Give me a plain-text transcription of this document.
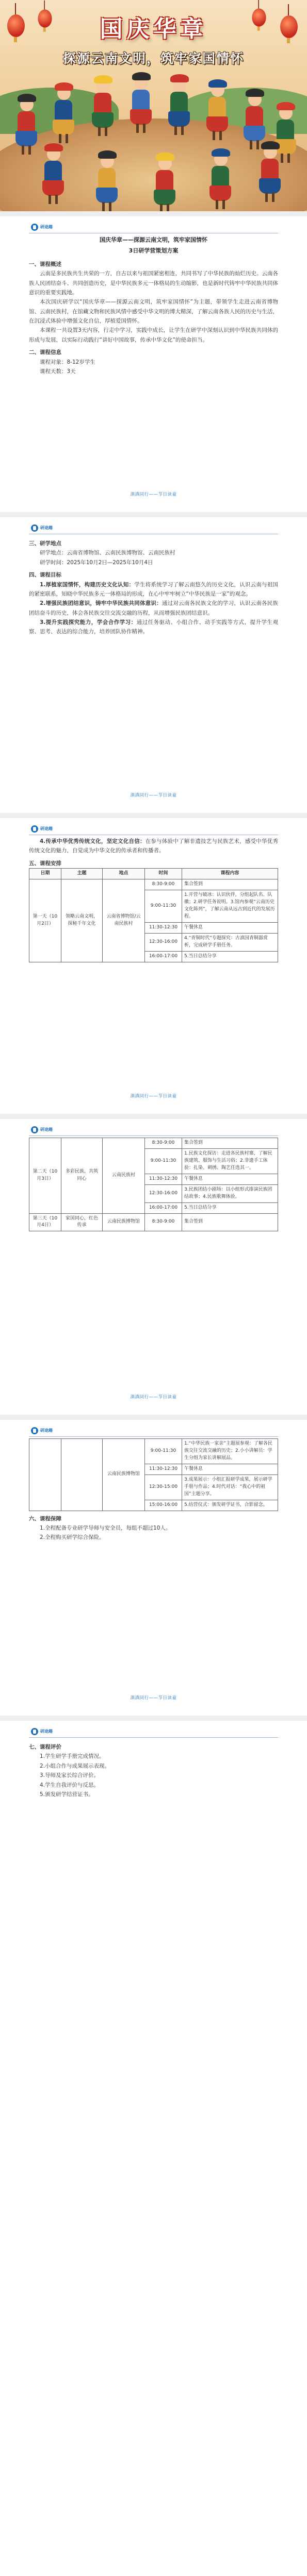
国庆华章
探源云南文明，筑牢家国情怀
研途趣
国庆华章——探源云南文明，筑牢家国情怀
3日研学营策划方案
一、课程概述

云南是多民族共生共荣的一方，自古以来与祖国紧密相连，共同书写了中华民族的灿烂历史。云南各族人民团结奋斗、共同创造历史，是中华民族多元一体格局的生动缩影，也是新时代铸牢中华民族共同体意识的重要实践地。

本次国庆研学以“国庆华章——探源云南文明，筑牢家国情怀”为主题，带领学生走进云南省博物馆、云南民族村，在馆藏文物和民族风情中感受中华文明的博大精深，了解云南各族人民的历史与生活，在沉浸式体验中增强文化自信，厚植爱国情怀。

本课程一共设置3天内容，行走中学习，实践中成长，让学生在研学中深刻认识到中华民族共同体的形成与发展，以实际行动践行“讲好中国故事，传承中华文化”的使命担当。

二、课程信息

课程对象：8-12岁学生

课程天数：3天

滇滇同行——节日读童
研途趣
三、研学地点

研学地点：云南省博物馆、云南民族博物馆、云南民族村

研学时间：2025年10月2日—2025年10月4日

四、课程目标

1.厚植家国情怀，构建历史文化认知：学生将系统学习了解云南悠久的历史文化，认识云南与祖国的紧密联系，知晓中华民族多元一体格局的形成，在心中牢牢树立“中华民族是一家”的观念。

2.增强民族团结意识，铸牢中华民族共同体意识：通过对云南各民族文化的学习，认识云南各民族团结奋斗的历史，体会各民族交往交流交融的历程，从而增强民族团结意识。

3.提升实践探究能力，学会合作学习：通过任务驱动、小组合作、动手实践等方式，提升学生观察、思考、表达的综合能力，培养团队协作精神。

滇滇同行——节日读童
研途趣

4.传承中华优秀传统文化，坚定文化自信：在参与体验中了解非遗技艺与民族艺术，感受中华优秀传统文化的魅力，自觉成为中华文化的传承者和传播者。

五、课程安排
日期	主题	地点	时间	课程内容
第一天（10月2日）	领略云南文明，探秘千年文化	云南省博物馆/云南民族村	8:30-9:00	集合签到
			9:00-11:30	1.开营与破冰：认识伙伴，分组起队名、队徽；2.研学任务说明。3.馆内参观“云南历史文化陈列”，了解云南从远古到近代的发展历程。
			11:30-12:30	午餐休息
			12:30-16:00	4.“青铜时代”专题探究：古滇国青铜器赏析，完成研学手册任务。
			16:00-17:00	5.当日总结分享
滇滇同行——节日读童
研途趣
第二天（10月3日）	多彩民族，共筑同心	云南民族村	8:30-9:00	集合签到
			9:00-11:30	1.民族文化探访：走进各民族村寨，了解民族建筑、服饰与生活习俗；2.非遗手工体验：扎染、刺绣、陶艺任选其一。
			11:30-12:30	午餐休息
			12:30-16:00	3.民族团结小剧场：以小组形式排演民族团结故事；4.民族歌舞体验。
			16:00-17:00	5.当日总结分享
第三天（10月4日）	家国同心，红色传承	云南民族博物馆	8:30-9:00	集合签到
滇滇同行——节日读童
研途趣
		云南民族博物馆	9:00-11:30	1.“中华民族一家亲”主题展参观：了解各民族交往交流交融的历史；2.小小讲解员：学生分组为家长讲解展品。
			11:30-12:30	午餐休息
			12:30-15:00	3.成果展示：小组汇报研学成果，展示研学手册与作品；4.时代对话：“我心中的祖国”主题分享。
			15:00-16:00	5.结营仪式：颁发研学证书，合影留念。
六、课程保障

1.全程配备专业研学导师与安全员，每组不超过10人。

2.全程购买研学综合保险。

滇滇同行——节日读童
研途趣
七、课程评价

1.学生研学手册完成情况。

2.小组合作与成果展示表现。

3.导师及家长综合评价。

4.学生自我评价与反思。

5.颁发研学结营证书。
